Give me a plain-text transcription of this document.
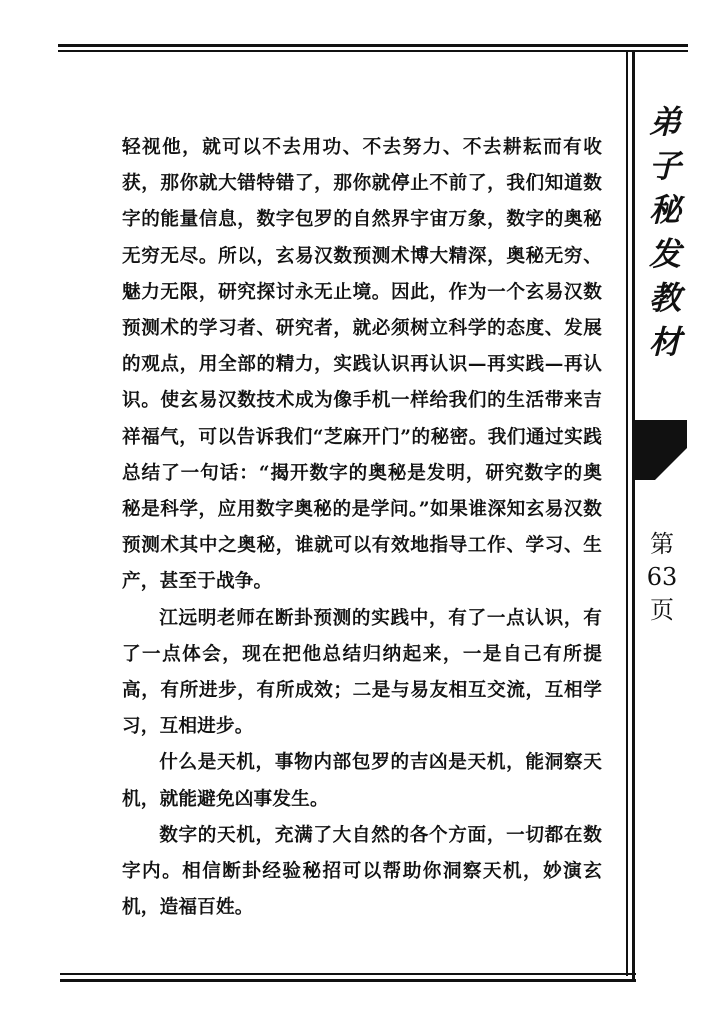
轻视他，就可以不去用功、不去努力、不去耕耘而有收获，那你就大错特错了，那你就停止不前了，我们知道数字的能量信息，数字包罗的自然界宇宙万象，数字的奥秘无穷无尽。所以，玄易汉数预测术博大精深，奥秘无穷、魅力无限，研究探讨永无止境。因此，作为一个玄易汉数预测术的学习者、研究者，就必须树立科学的态度、发展的观点，用全部的精力，实践认识再认识—再实践—再认识。使玄易汉数技术成为像手机一样给我们的生活带来吉祥福气，可以告诉我们“芝麻开门”的秘密。我们通过实践总结了一句话：“揭开数字的奥秘是发明，研究数字的奥秘是科学，应用数字奥秘的是学问。”如果谁深知玄易汉数预测术其中之奥秘，谁就可以有效地指导工作、学习、生产，甚至于战争。

江远明老师在断卦预测的实践中，有了一点认识，有了一点体会，现在把他总结归纳起来，一是自己有所提高，有所进步，有所成效；二是与易友相互交流，互相学习，互相进步。

什么是天机，事物内部包罗的吉凶是天机，能洞察天机，就能避免凶事发生。

数字的天机，充满了大自然的各个方面，一切都在数字内。相信断卦经验秘招可以帮助你洞察天机，妙演玄机，造福百姓。

弟
子
秘
发
教
材
第
63
页
